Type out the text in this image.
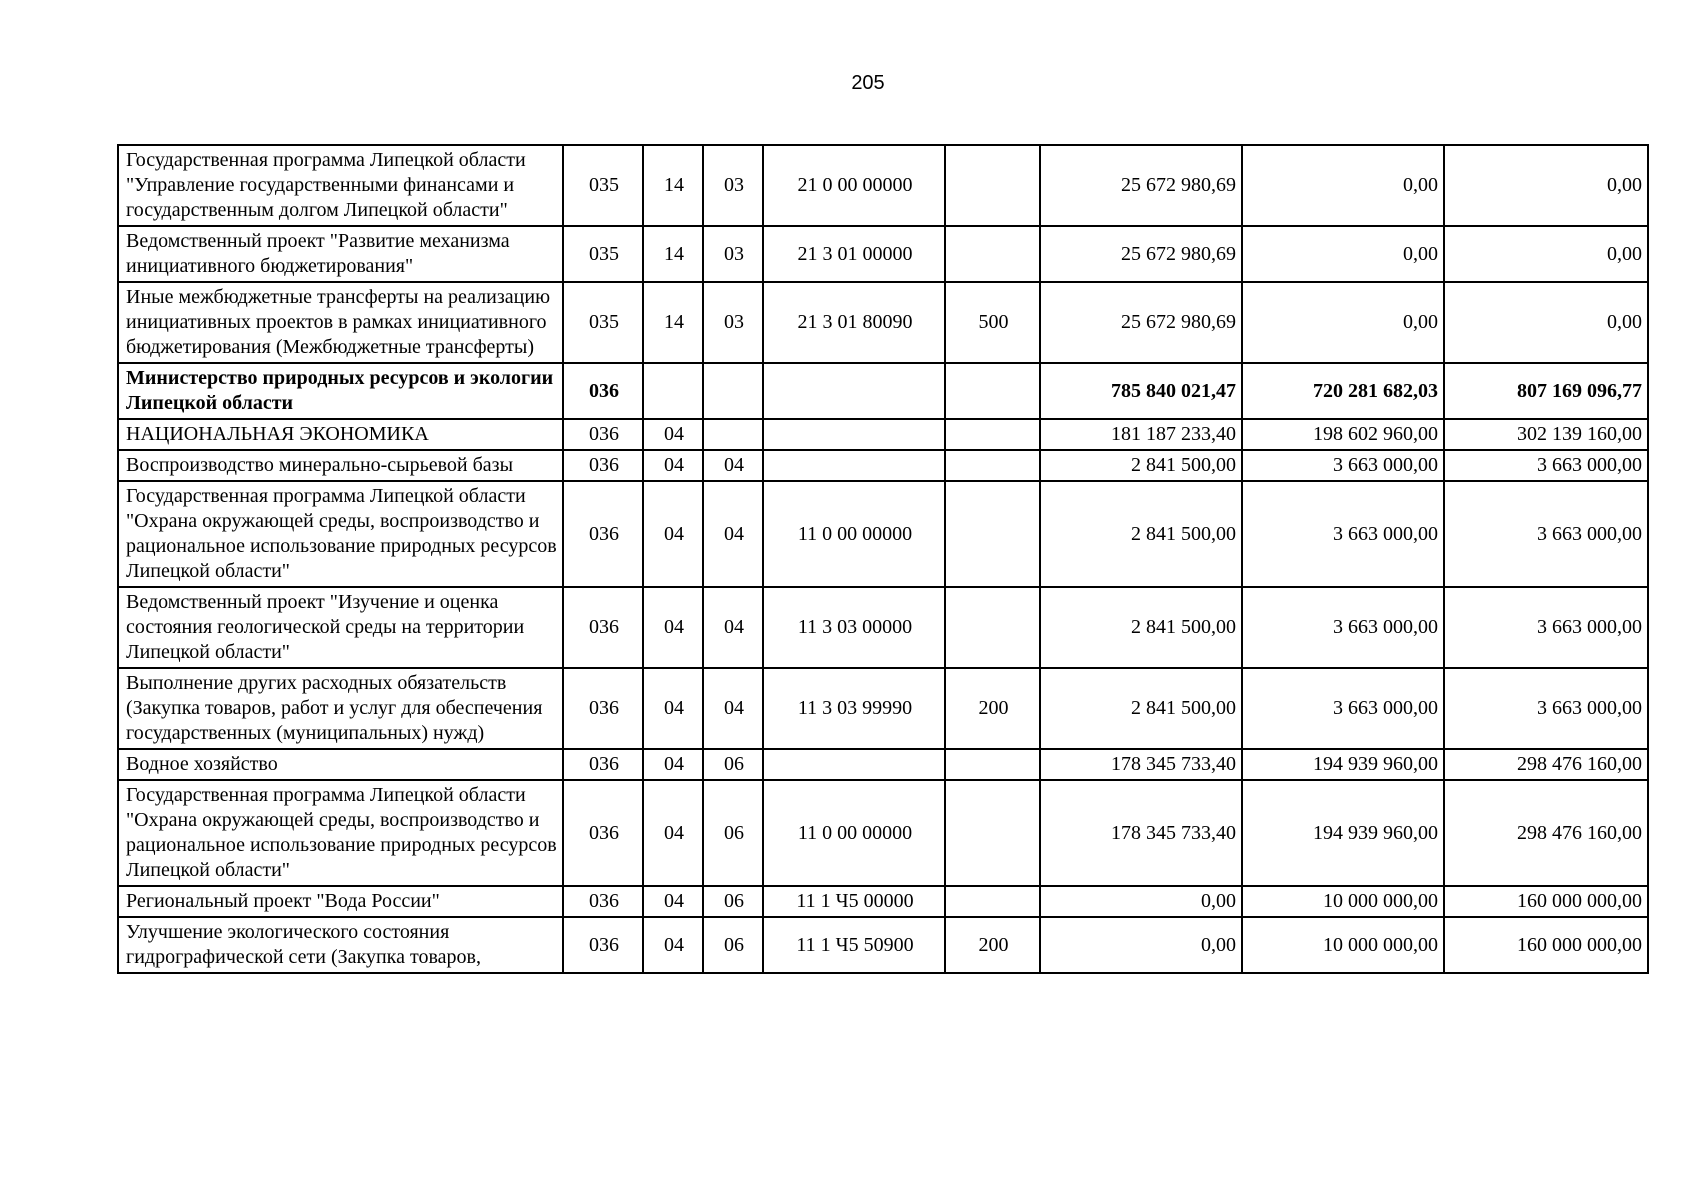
205
Государственная программа Липецкой области "Управление государственными финансами и государственным долгом Липецкой области"	035	14	03	21 0 00 00000		25 672 980,69	0,00	0,00
Ведомственный проект "Развитие механизма инициативного бюджетирования"	035	14	03	21 3 01 00000		25 672 980,69	0,00	0,00
Иные межбюджетные трансферты на реализацию инициативных проектов в рамках инициативного бюджетирования (Межбюджетные трансферты)	035	14	03	21 3 01 80090	500	25 672 980,69	0,00	0,00
Министерство природных ресурсов и экологии Липецкой области	036					785 840 021,47	720 281 682,03	807 169 096,77
НАЦИОНАЛЬНАЯ ЭКОНОМИКА	036	04				181 187 233,40	198 602 960,00	302 139 160,00
Воспроизводство минерально-сырьевой базы	036	04	04			2 841 500,00	3 663 000,00	3 663 000,00
Государственная программа Липецкой области "Охрана окружающей среды, воспроизводство и рациональное использование природных ресурсов Липецкой области"	036	04	04	11 0 00 00000		2 841 500,00	3 663 000,00	3 663 000,00
Ведомственный проект "Изучение и оценка состояния геологической среды на территории Липецкой области"	036	04	04	11 3 03 00000		2 841 500,00	3 663 000,00	3 663 000,00
Выполнение других расходных обязательств (Закупка товаров, работ и услуг для обеспечения государственных (муниципальных) нужд)	036	04	04	11 3 03 99990	200	2 841 500,00	3 663 000,00	3 663 000,00
Водное хозяйство	036	04	06			178 345 733,40	194 939 960,00	298 476 160,00
Государственная программа Липецкой области "Охрана окружающей среды, воспроизводство и рациональное использование природных ресурсов Липецкой области"	036	04	06	11 0 00 00000		178 345 733,40	194 939 960,00	298 476 160,00
Региональный проект "Вода России"	036	04	06	11 1 Ч5 00000		0,00	10 000 000,00	160 000 000,00
Улучшение экологического состояния гидрографической сети (Закупка товаров,	036	04	06	11 1 Ч5 50900	200	0,00	10 000 000,00	160 000 000,00
